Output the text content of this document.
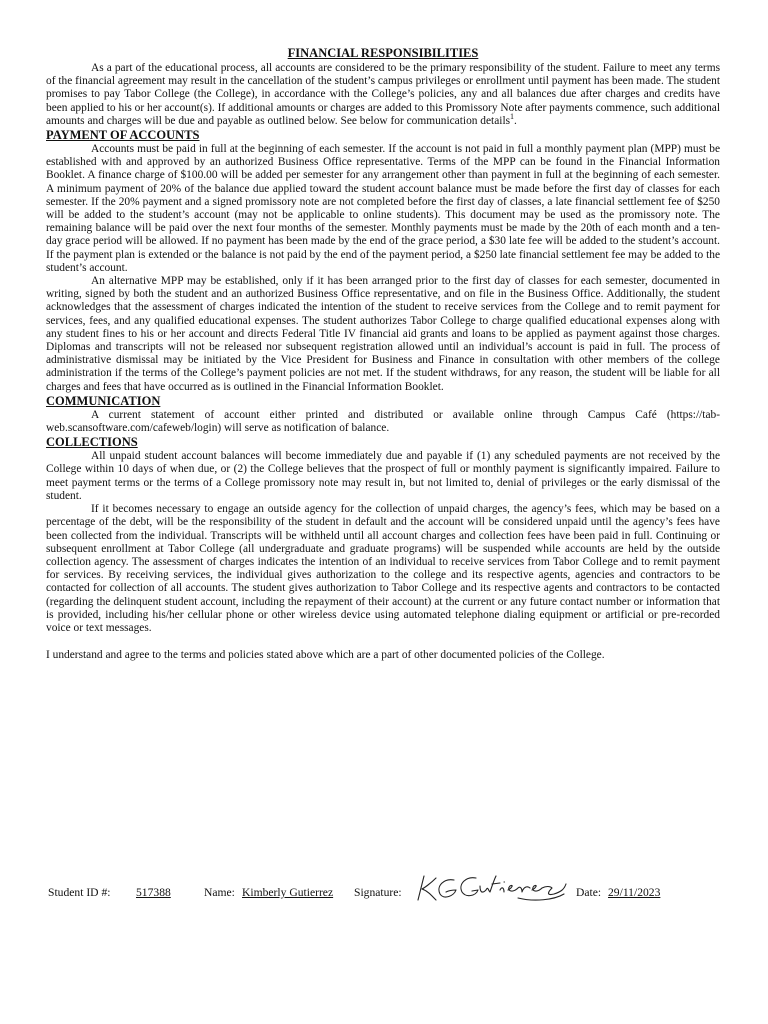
FINANCIAL RESPONSIBILITIES

As a part of the educational process, all accounts are considered to be the primary responsibility of the student. Failure to meet any terms of the financial agreement may result in the cancellation of the student’s campus privileges or enrollment until payment has been made. The student promises to pay Tabor College (the College), in accordance with the College’s policies, any and all balances due after charges and credits have been applied to his or her account(s). If additional amounts or charges are added to this Promissory Note after payments commence, such additional amounts and charges will be due and payable as outlined below. See below for communication details$^1$.

PAYMENT OF ACCOUNTS

Accounts must be paid in full at the beginning of each semester. If the account is not paid in full a monthly payment plan (MPP) must be established with and approved by an authorized Business Office representative. Terms of the MPP can be found in the Financial Information Booklet. A finance charge of $100.00 will be added per semester for any arrangement other than payment in full at the beginning of each semester. A minimum payment of 20% of the balance due applied toward the student account balance must be made before the first day of classes for each semester. If the 20% payment and a signed promissory note are not completed before the first day of classes, a late financial settlement fee of $250 will be added to the student’s account (may not be applicable to online students). This document may be used as the promissory note. The remaining balance will be paid over the next four months of the semester. Monthly payments must be made by the 20th of each month and a ten-day grace period will be allowed. If no payment has been made by the end of the grace period, a $30 late fee will be added to the student’s account. If the payment plan is extended or the balance is not paid by the end of the payment period, a $250 late financial settlement fee may be added to the student’s account.

An alternative MPP may be established, only if it has been arranged prior to the first day of classes for each semester, documented in writing, signed by both the student and an authorized Business Office representative, and on file in the Business Office. Additionally, the student acknowledges that the assessment of charges indicated the intention of the student to receive services from the College and to remit payment for services, fees, and any qualified educational expenses. The student authorizes Tabor College to charge qualified educational expenses along with any student fines to his or her account and directs Federal Title IV financial aid grants and loans to be applied as payment against those charges. Diplomas and transcripts will not be released nor subsequent registration allowed until an individual’s account is paid in full. The process of administrative dismissal may be initiated by the Vice President for Business and Finance in consultation with other members of the college administration if the terms of the College’s payment policies are not met. If the student withdraws, for any reason, the student will be liable for all charges and fees that have occurred as is outlined in the Financial Information Booklet.

COMMUNICATION

A current statement of account either printed and distributed or available online through Campus Café (https://tab-web.scansoftware.com/cafeweb/login) will serve as notification of balance.

COLLECTIONS

All unpaid student account balances will become immediately due and payable if (1) any scheduled payments are not received by the College within 10 days of when due, or (2) the College believes that the prospect of full or monthly payment is significantly impaired. Failure to meet payment terms or the terms of a College promissory note may result in, but not limited to, denial of privileges or the early dismissal of the student.

If it becomes necessary to engage an outside agency for the collection of unpaid charges, the agency’s fees, which may be based on a percentage of the debt, will be the responsibility of the student in default and the account will be considered unpaid until the agency’s fees have been collected from the individual. Transcripts will be withheld until all account charges and collection fees have been paid in full. Continuing or subsequent enrollment at Tabor College (all undergraduate and graduate programs) will be suspended while accounts are held by the outside collection agency. The assessment of charges indicates the intention of an individual to receive services from Tabor College and to remit payment for services. By receiving services, the individual gives authorization to the college and its respective agents, agencies and contractors to be contacted for collection of all accounts. The student gives authorization to Tabor College and its respective agents and contractors to be contacted (regarding the delinquent student account, including the repayment of their account) at the current or any future contact number or information that is provided, including his/her cellular phone or other wireless device using automated telephone dialing equipment or artificial or pre-recorded voice or text messages.

I understand and agree to the terms and policies stated above which are a part of other documented policies of the College.

Student ID #: 517388	Name: Kimberly Gutierrez	Signature:	Date: 29/11/2023
